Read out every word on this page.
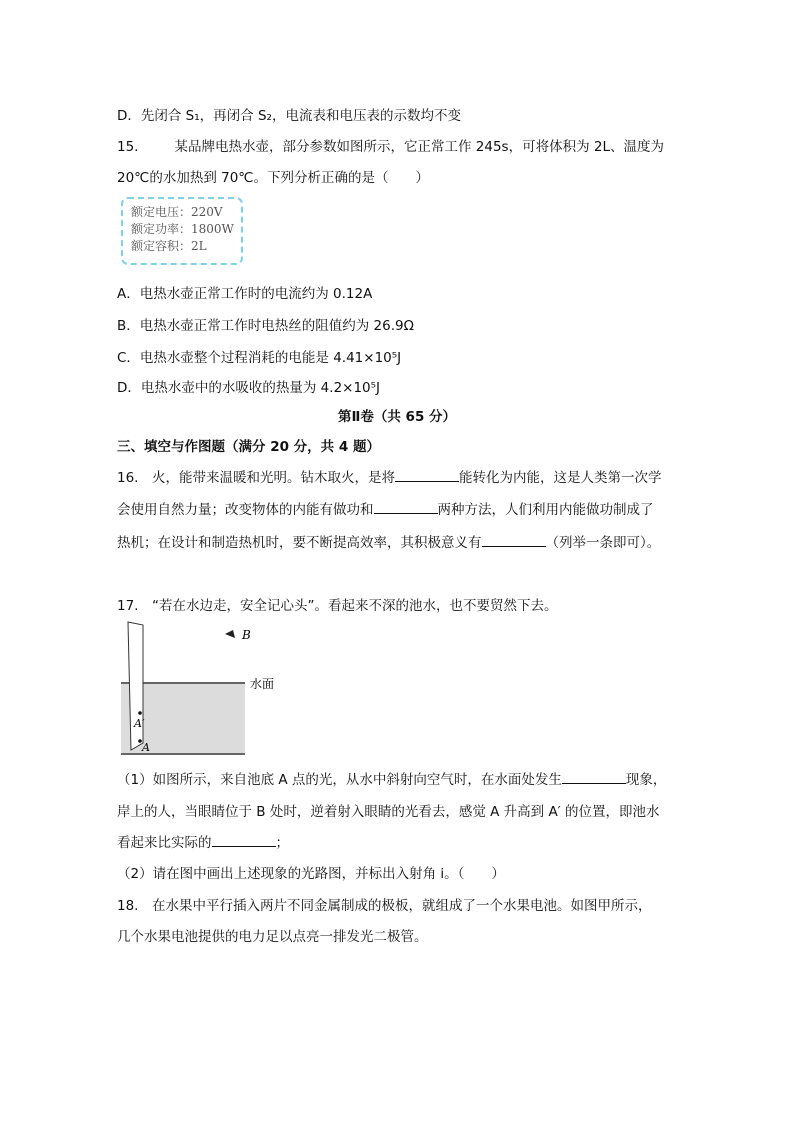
D．先闭合 S₁，再闭合 S₂，电流表和电压表的示数均不变
15.	某品牌电热水壶，部分参数如图所示，它正常工作 245s，可将体积为 2L、温度为
20℃的水加热到 70℃。下列分析正确的是（　　）
额定电压：220V
额定功率：1800W
额定容积：2L
A．电热水壶正常工作时的电流约为 0.12A
B．电热水壶正常工作时电热丝的阻值约为 26.9Ω
C．电热水壶整个过程消耗的电能是 4.41×10⁵J
D．电热水壶中的水吸收的热量为 4.2×10⁵J
第Ⅱ卷（共 65 分）
三、填空与作图题（满分 20 分，共 4 题）
16.　火，能带来温暖和光明。钻木取火，是将	能转化为内能，这是人类第一次学
会使用自然力量；改变物体的内能有做功和	两种方法，人们利用内能做功制成了
热机；在设计和制造热机时，要不断提高效率，其积极意义有	（列举一条即可）。
17.　“若在水边走，安全记心头”。看起来不深的池水，也不要贸然下去。
B
水面
A′
A
（1）如图所示，来自池底 A 点的光，从水中斜射向空气时，在水面处发生	现象，
岸上的人，当眼睛位于 B 处时，逆着射入眼睛的光看去，感觉 A 升高到 A′ 的位置，即池水
看起来比实际的	；
（2）请在图中画出上述现象的光路图，并标出入射角 i。（　　）
18.　在水果中平行插入两片不同金属制成的极板，就组成了一个水果电池。如图甲所示，
几个水果电池提供的电力足以点亮一排发光二极管。
